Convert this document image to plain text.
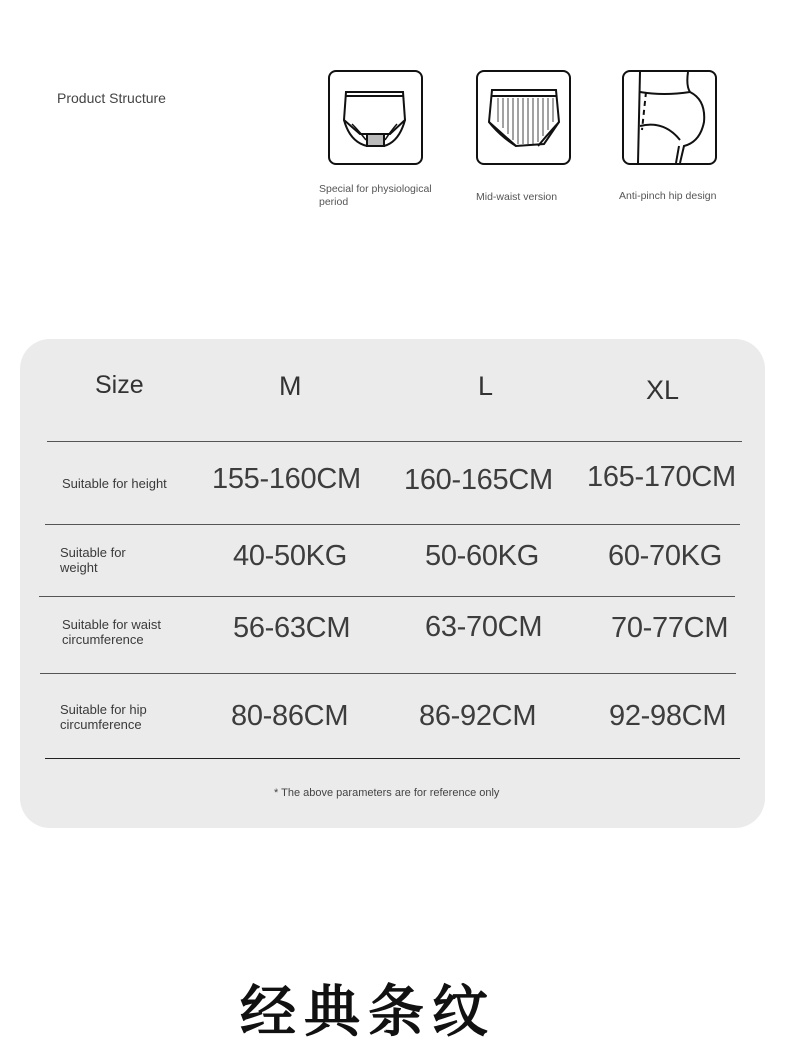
Product Structure
Special for physiological period	Mid-waist version	Anti-pinch hip design
Size	M	L	XL
Suitable for height 155-160CM 160-165CM 165-170CM
Suitable for weight	40-50KG	50-60KG 60-70KG
Suitable for waist circumference	56-63CM	63-70CM 70-77CM
Suitable for hip circumference	80-86CM 86-92CM	92-98CM
* The above parameters are for reference only
经典条纹
